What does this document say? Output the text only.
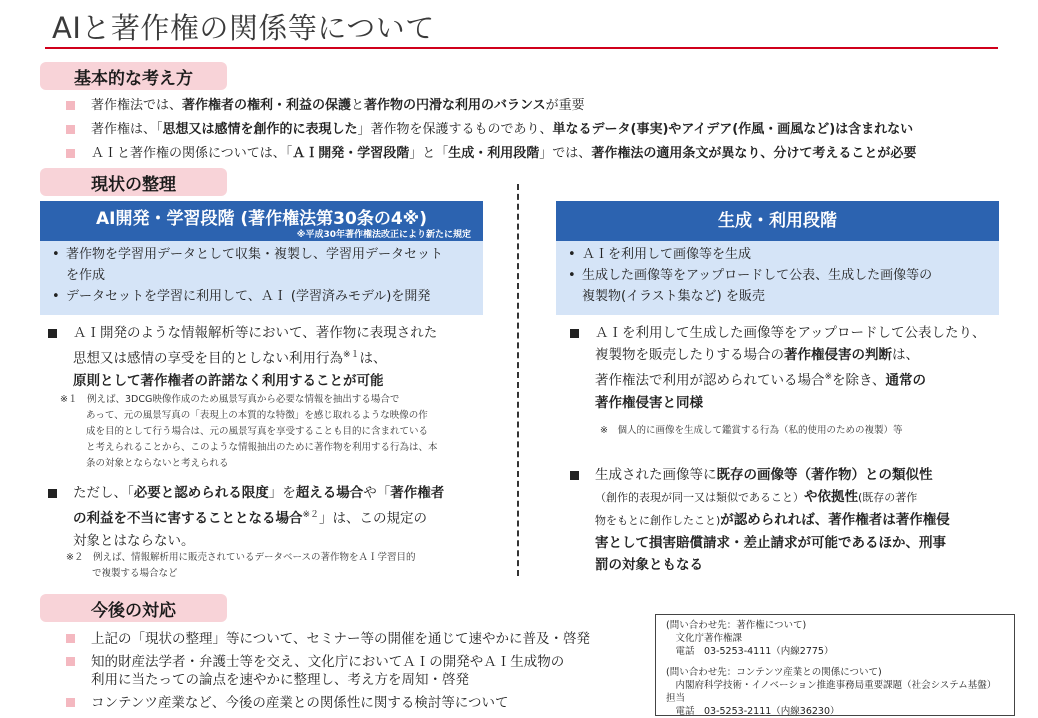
AIと著作権の関係等について
基本的な考え方
著作権法では、著作権者の権利・利益の保護と著作物の円滑な利用のバランスが重要
著作権は、「思想又は感情を創作的に表現した」著作物を保護するものであり、単なるデータ(事実)やアイデア(作風・画風など)は含まれない
ＡＩと著作権の関係については、「ＡＩ開発・学習段階」と「生成・利用段階」では、著作権法の適用条文が異なり、分けて考えることが必要
現状の整理
AI開発・学習段階 (著作権法第30条の4※)
※平成30年著作権法改正により新たに規定
• 著作物を学習用データとして収集・複製し、学習用データセット
を作成
• データセットを学習に利用して、ＡＩ (学習済みモデル)を開発
ＡＩ開発のような情報解析等において、著作物に表現された
思想又は感情の享受を目的としない利用行為$^{※1}$は、
原則として著作権者の許諾なく利用することが可能
※１　例えば、3DCG映像作成のため風景写真から必要な情報を抽出する場合で
あって、元の風景写真の「表現上の本質的な特徴」を感じ取れるような映像の作
成を目的として行う場合は、元の風景写真を享受することも目的に含まれている
と考えられることから、このような情報抽出のために著作物を利用する行為は、本
条の対象とならないと考えられる
ただし、「必要と認められる限度」を超える場合や「著作権者
の利益を不当に害することとなる場合$^{※2}$」は、この規定の
対象とはならない。
※２　例えば、情報解析用に販売されているデータベースの著作物をＡＩ学習目的
で複製する場合など
生成・利用段階
• ＡＩを利用して画像等を生成
• 生成した画像等をアップロードして公表、生成した画像等の
複製物(イラスト集など) を販売
ＡＩを利用して生成した画像等をアップロードして公表したり、
複製物を販売したりする場合の著作権侵害の判断は、
著作権法で利用が認められている場合※を除き、通常の
著作権侵害と同様
※　個人的に画像を生成して鑑賞する行為（私的使用のための複製）等
生成された画像等に既存の画像等（著作物）との類似性
（創作的表現が同一又は類似であること）や依拠性(既存の著作
物をもとに創作したこと)が認められれば、著作権者は著作権侵
害として損害賠償請求・差止請求が可能であるほか、刑事
罰の対象ともなる
今後の対応
上記の「現状の整理」等について、セミナー等の開催を通じて速やかに普及・啓発
知的財産法学者・弁護士等を交え、文化庁においてＡＩの開発やＡＩ生成物の
利用に当たっての論点を速やかに整理し、考え方を周知・啓発
コンテンツ産業など、今後の産業との関係性に関する検討等について
(問い合わせ先：著作権について)
　文化庁著作権課
　電話　03-5253-4111（内線2775）
(問い合わせ先：コンテンツ産業との関係について)
　内閣府科学技術・イノベーション推進事務局重要課題（社会システム基盤）担当
　電話　03-5253-2111（内線36230）
